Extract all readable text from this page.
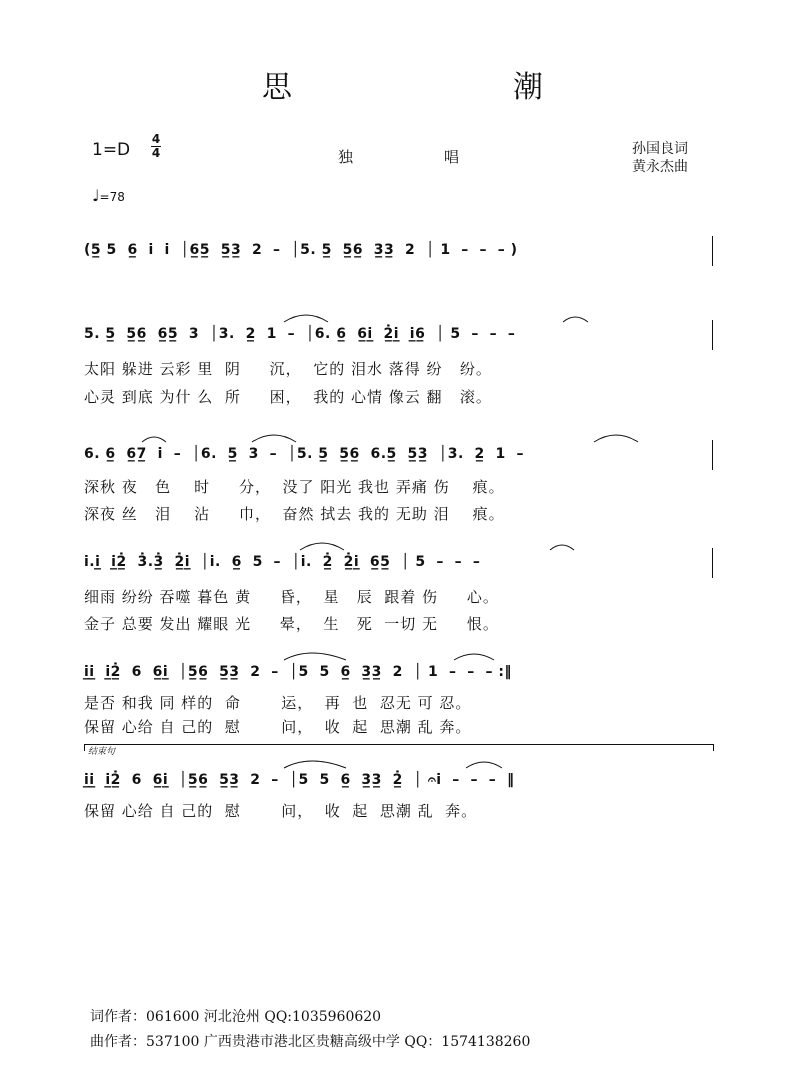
思	潮
1=D
4
4	独	唱	孙国良词
黄永杰曲
♩=78
(5̲ 5  6̲  i̇  i̇  │6̲5̲  5̲3̲  2  –  │5. 5̲  5̲6̲  3̲3̲  2  │ 1  –  –  – )
5. 5̲  5̲6̲  6̲5̲  3  │3.  2̲  1  –  │6. 6̲  6̲i̲̇  2̲̇i̲̇  i̲̇6̲  │ 5  –  –  –
太阳 躲进 云彩 里  阴     沉，  它的 泪水 落得 纷   纷。
心灵 到底 为什 么  所     困，  我的 心情 像云 翻   滚。
6. 6̲  6̲7̲  i̇  –  │6.  5̲  3  –  │5. 5̲  5̲6̲  6.5̲  5̲3̲  │3.  2̲  1  –
深秋 夜   色    时     分，  没了 阳光 我也 弄痛 伤    痕。
深夜 丝   泪    沾     巾，  奋然 拭去 我的 无助 泪    痕。
i̇.i̲̇  i̲̇2̲̇  3̇.3̲̇  2̲̇i̲̇  │i̇.  6̲  5  –  │i̇.  2̲̇  2̲̇i̲̇  6̲5̲  │ 5  –  –  –
细雨 纷纷 吞噬 暮色 黄     昏，  星   辰  跟着 伤     心。
金子 总要 发出 耀眼 光     晕，  生   死  一切 无     恨。
i̲̇i̲̇  i̲̇2̲̇  6  6̲i̲̇  │5̲6̲  5̲3̲  2  –  │5  5  6̲  3̲3̲  2  │ 1  –  –  – :‖
是否 和我 同 样的  命       运，  再  也  忍无 可 忍。
保留 心给 自 己的  慰       问，  收  起  思潮 乱 奔。
结束句
i̲̇i̲̇  i̲̇2̲̇  6  6̲i̲̇  │5̲6̲  5̲3̲  2  –  │5  5  6̲  3̲3̲  2̲̇  │ 𝄐i̇  –  –  –  ‖
保留 心给 自 己的  慰       问，  收  起  思潮 乱  奔。
词作者：061600 河北沧州 QQ:1035960620
曲作者：537100 广西贵港市港北区贵糖高级中学 QQ：1574138260
